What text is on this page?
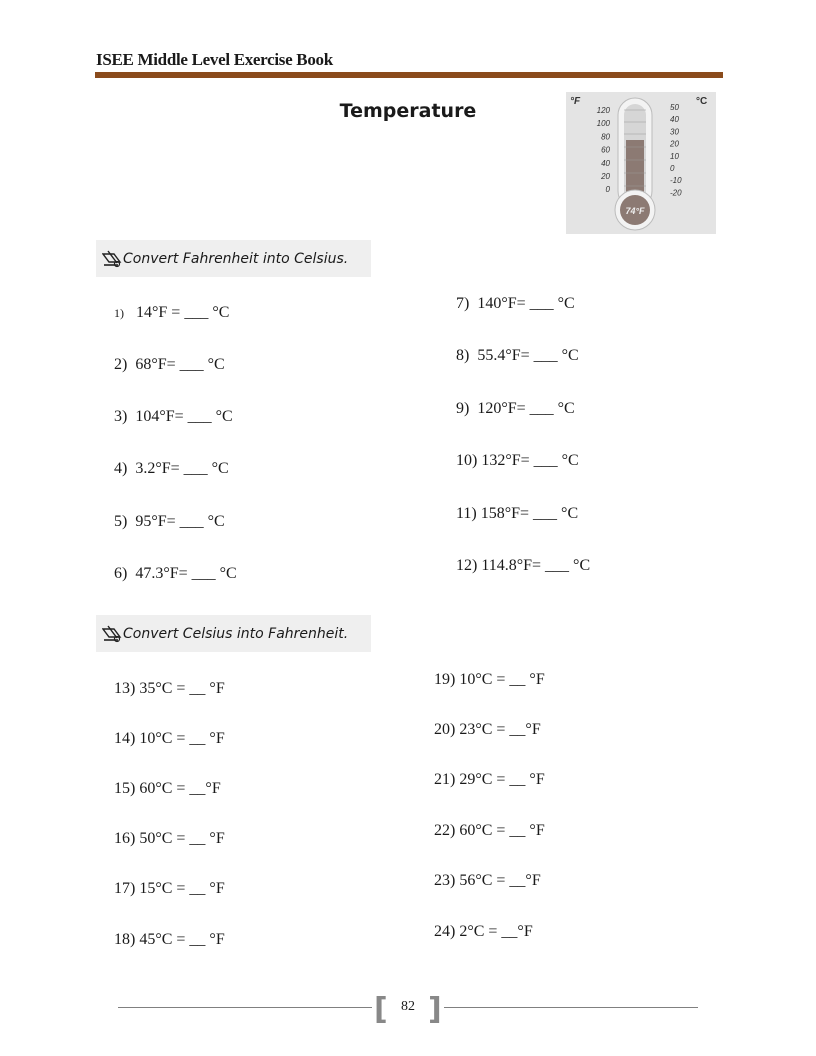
ISEE Middle Level Exercise Book
Temperature	°F	°C
74°F
120
100
80
60
40
20
0
50
40
30
20
10
0
-10
-20
Convert Fahrenheit into Celsius.
1) 14°F = ___ °C
2) 68°F= ___ °C
3) 104°F= ___ °C
4) 3.2°F= ___ °C
5) 95°F= ___ °C
6) 47.3°F= ___ °C
7) 140°F= ___ °C
8) 55.4°F= ___ °C
9) 120°F= ___ °C
10) 132°F= ___ °C
11) 158°F= ___ °C
12) 114.8°F= ___ °C
Convert Celsius into Fahrenheit.
13) 35°C = __ °F
14) 10°C = __ °F
15) 60°C = __°F
16) 50°C = __ °F
17) 15°C = __ °F
18) 45°C = __ °F
19) 10°C = __ °F
20) 23°C = __°F
21) 29°C = __ °F
22) 60°C = __ °F
23) 56°C = __°F
24) 2°C = __°F
[ ]
82
